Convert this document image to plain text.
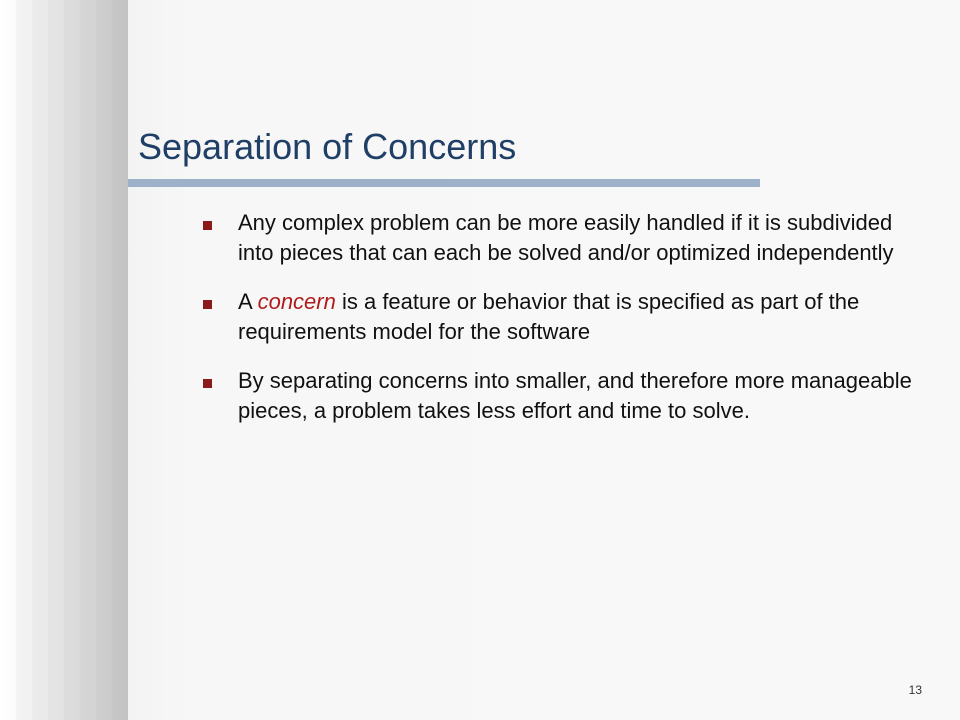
Separation of Concerns
Any complex problem can be more easily handled if it is subdivided into pieces that can each be solved and/or optimized independently
A concern is a feature or behavior that is specified as part of the requirements model for the software
By separating concerns into smaller, and therefore more manageable pieces, a problem takes less effort and time to solve.
13
